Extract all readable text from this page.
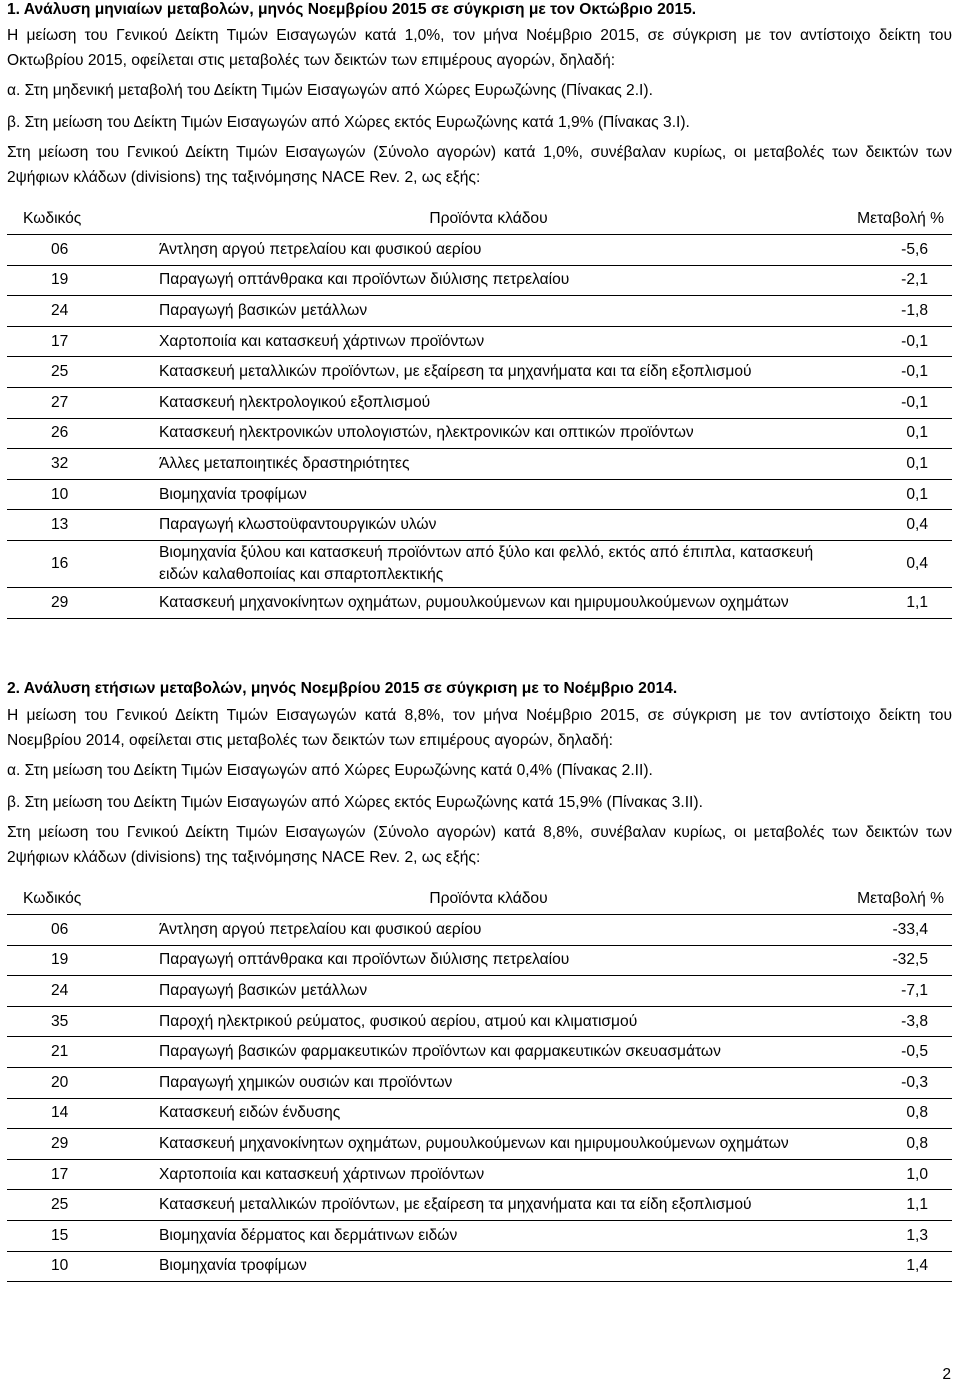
1. Ανάλυση μηνιαίων μεταβολών, μηνός Νοεμβρίου 2015 σε σύγκριση με τον Οκτώβριο 2015.

Η μείωση του Γενικού Δείκτη Τιμών Εισαγωγών κατά 1,0%, τον μήνα Νοέμβριο 2015, σε σύγκριση με τον αντίστοιχο δείκτη του Οκτωβρίου 2015, οφείλεται στις μεταβολές των δεικτών των επιμέρους αγορών, δηλαδή:

α. Στη μηδενική μεταβολή του Δείκτη Τιμών Εισαγωγών από Χώρες Ευρωζώνης (Πίνακας 2.I).

β. Στη μείωση του Δείκτη Τιμών Εισαγωγών από Χώρες εκτός Ευρωζώνης κατά 1,9% (Πίνακας 3.I).

Στη μείωση του Γενικού Δείκτη Τιμών Εισαγωγών (Σύνολο αγορών) κατά 1,0%, συνέβαλαν κυρίως, οι μεταβολές των δεικτών των 2ψήφιων κλάδων (divisions) της ταξινόμησης NACE Rev. 2, ως εξής:

Κωδικός	Προϊόντα κλάδου	Μεταβολή %
06	Άντληση αργού πετρελαίου και φυσικού αερίου	-5,6
19	Παραγωγή οπτάνθρακα και προϊόντων διύλισης πετρελαίου	-2,1
24	Παραγωγή βασικών μετάλλων	-1,8
17	Χαρτοποιία και κατασκευή χάρτινων προϊόντων	-0,1
25	Κατασκευή μεταλλικών προϊόντων, με εξαίρεση τα μηχανήματα και τα είδη εξοπλισμού	-0,1
27	Κατασκευή ηλεκτρολογικού εξοπλισμού	-0,1
26	Κατασκευή ηλεκτρονικών υπολογιστών, ηλεκτρονικών και οπτικών προϊόντων	0,1
32	Άλλες μεταποιητικές δραστηριότητες	0,1
10	Βιομηχανία τροφίμων	0,1
13	Παραγωγή κλωστοϋφαντουργικών υλών	0,4
16	Βιομηχανία ξύλου και κατασκευή προϊόντων από ξύλο και φελλό, εκτός από έπιπλα, κατασκευή ειδών καλαθοποιίας και σπαρτοπλεκτικής	0,4
29	Κατασκευή μηχανοκίνητων οχημάτων, ρυμουλκούμενων και ημιρυμουλκούμενων οχημάτων	1,1

2. Ανάλυση ετήσιων μεταβολών, μηνός Νοεμβρίου 2015 σε σύγκριση με το Νοέμβριο 2014.

Η μείωση του Γενικού Δείκτη Τιμών Εισαγωγών κατά 8,8%, τον μήνα Νοέμβριο 2015, σε σύγκριση με τον αντίστοιχο δείκτη του Νοεμβρίου 2014, οφείλεται στις μεταβολές των δεικτών των επιμέρους αγορών, δηλαδή:

α. Στη μείωση του Δείκτη Τιμών Εισαγωγών από Χώρες Ευρωζώνης κατά 0,4% (Πίνακας 2.II).

β. Στη μείωση του Δείκτη Τιμών Εισαγωγών από Χώρες εκτός Ευρωζώνης κατά 15,9% (Πίνακας 3.II).

Στη μείωση του Γενικού Δείκτη Τιμών Εισαγωγών (Σύνολο αγορών) κατά 8,8%, συνέβαλαν κυρίως, οι μεταβολές των δεικτών των 2ψήφιων κλάδων (divisions) της ταξινόμησης NACE Rev. 2, ως εξής:

Κωδικός	Προϊόντα κλάδου	Μεταβολή %
06	Άντληση αργού πετρελαίου και φυσικού αερίου	-33,4
19	Παραγωγή οπτάνθρακα και προϊόντων διύλισης πετρελαίου	-32,5
24	Παραγωγή βασικών μετάλλων	-7,1
35	Παροχή ηλεκτρικού ρεύματος, φυσικού αερίου, ατμού και κλιματισμού	-3,8
21	Παραγωγή βασικών φαρμακευτικών προϊόντων και φαρμακευτικών σκευασμάτων	-0,5
20	Παραγωγή χημικών ουσιών και προϊόντων	-0,3
14	Κατασκευή ειδών ένδυσης	0,8
29	Κατασκευή μηχανοκίνητων οχημάτων, ρυμουλκούμενων και ημιρυμουλκούμενων οχημάτων	0,8
17	Χαρτοποιία και κατασκευή χάρτινων προϊόντων	1,0
25	Κατασκευή μεταλλικών προϊόντων, με εξαίρεση τα μηχανήματα και τα είδη εξοπλισμού	1,1
15	Βιομηχανία δέρματος και δερμάτινων ειδών	1,3
10	Βιομηχανία τροφίμων	1,4
2
